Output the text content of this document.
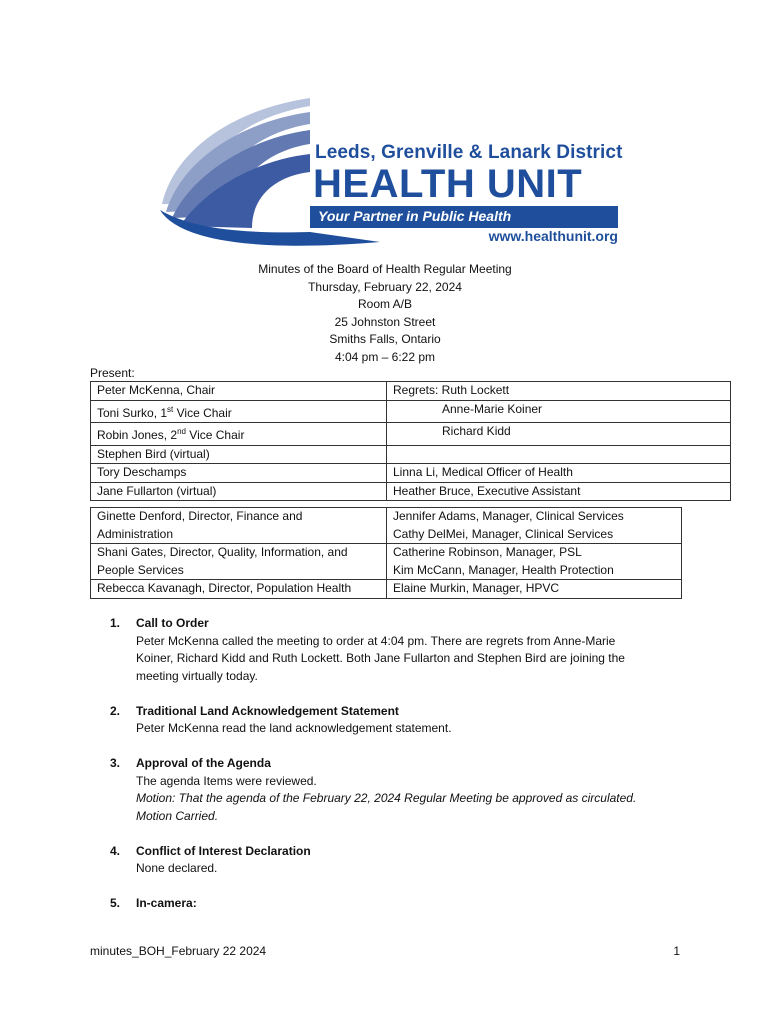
Leeds, Grenville & Lanark District
HEALTH UNIT
Your Partner in Public Health
www.healthunit.org
Minutes of the Board of Health Regular Meeting
Thursday, February 22, 2024
Room A/B
25 Johnston Street
Smiths Falls, Ontario
4:04 pm – 6:22 pm
Present:
Peter McKenna, Chair	Regrets: Ruth Lockett
Toni Surko, 1st Vice Chair	Anne-Marie Koiner
Robin Jones, 2nd Vice Chair	Richard Kidd
Stephen Bird (virtual)	
Tory Deschamps	Linna Li, Medical Officer of Health
Jane Fullarton (virtual)	Heather Bruce, Executive Assistant
Ginette Denford, Director, Finance and Administration	Jennifer Adams, Manager, Clinical Services
Cathy DelMei, Manager, Clinical Services

Shani Gates, Director, Quality, Information, and People Services	Catherine Robinson, Manager, PSL
Kim McCann, Manager, Health Protection

Rebecca Kavanagh, Director, Population Health	Elaine Murkin, Manager, HPVC
1. Call to Order
Peter McKenna called the meeting to order at 4:04 pm. There are regrets from Anne-Marie
Koiner, Richard Kidd and Ruth Lockett. Both Jane Fullarton and Stephen Bird are joining the
meeting virtually today.
2. Traditional Land Acknowledgement Statement
Peter McKenna read the land acknowledgement statement.
3. Approval of the Agenda
The agenda Items were reviewed.
Motion: That the agenda of the February 22, 2024 Regular Meeting be approved as circulated.
Motion Carried.
4. Conflict of Interest Declaration
None declared.
5. In-camera:
minutes_BOH_February 22 2024	1
